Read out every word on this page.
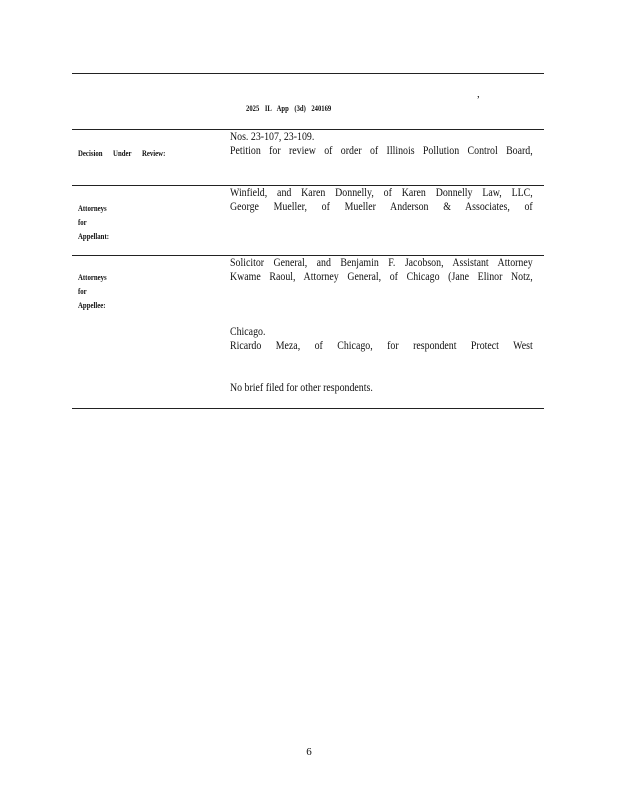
,
2025 IL App (3d) 240169
Decision Under Review:
Nos. 23-107, 23-109.
Petition for review of order of Illinois Pollution Control Board,
Attorneys
for
Appellant:
Winfield, and Karen Donnelly, of Karen Donnelly Law, LLC,
George Mueller, of Mueller Anderson & Associates, of
Attorneys
for
Appellee:
Solicitor General, and Benjamin F. Jacobson, Assistant Attorney
Kwame Raoul, Attorney General, of Chicago (Jane Elinor Notz,
Chicago.
Ricardo Meza, of Chicago, for respondent Protect West
No brief filed for other respondents.
6
